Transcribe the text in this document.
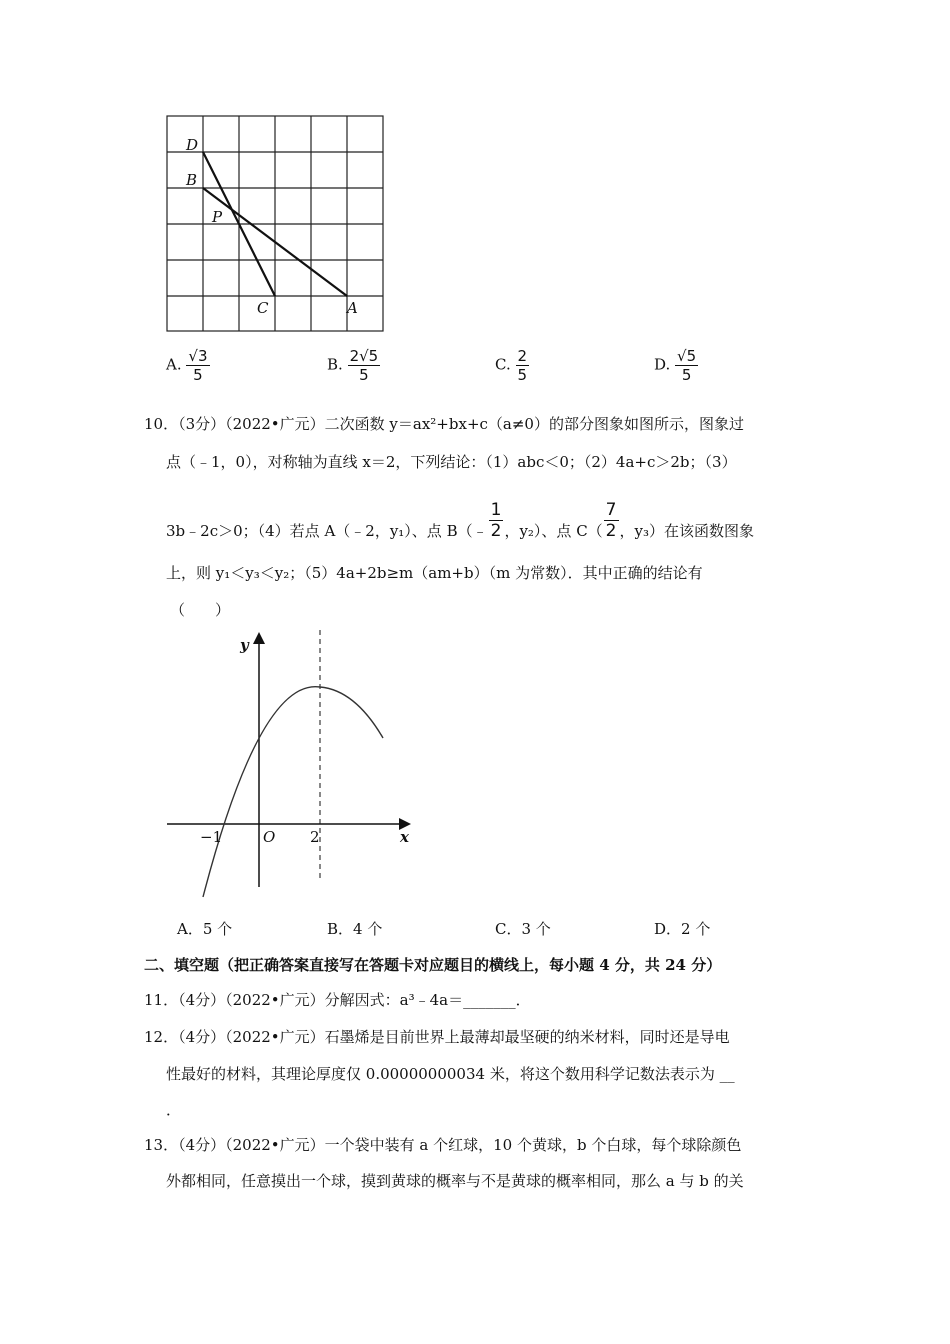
D
B
P
C	A
A. $\frac{√3}{5}$	B. $\frac{2√5}{5}$	C. $\frac{2}{5}$	D. $\frac{√5}{5}$
10．（3分）（2022•广元）二次函数 y＝ax²+bx+c（a≠0）的部分图象如图所示，图象过
点（﹣1，0），对称轴为直线 x＝2，下列结论：（1）abc＜0；（2）4a+c＞2b；（3）
3b﹣2c＞0；（4）若点 A（﹣2，y₁）、点 B（﹣ $\frac{1}{2}$ ，y₂）、点 $C( \frac{7}{2}$ ，y₃）在该函数图象
上，则 y₁＜y₃＜y₂；（5）4a+2b≥m（am+b）（m 为常数）．其中正确的结论有
（　　）
y
x
O
−1	2
A．5 个	B．4 个	C．3 个	D．2 个
二、填空题（把正确答案直接写在答题卡对应题目的横线上，每小题 4 分，共 24 分）
11．（4分）（2022•广元）分解因式：a³﹣4a＝_______．
12．（4分）（2022•广元）石墨烯是目前世界上最薄却最坚硬的纳米材料，同时还是导电
性最好的材料，其理论厚度仅 0.00000000034 米，将这个数用科学记数法表示为 __
．
13．（4分）（2022•广元）一个袋中装有 a 个红球，10 个黄球，b 个白球，每个球除颜色
外都相同，任意摸出一个球，摸到黄球的概率与不是黄球的概率相同，那么 a 与 b 的关
